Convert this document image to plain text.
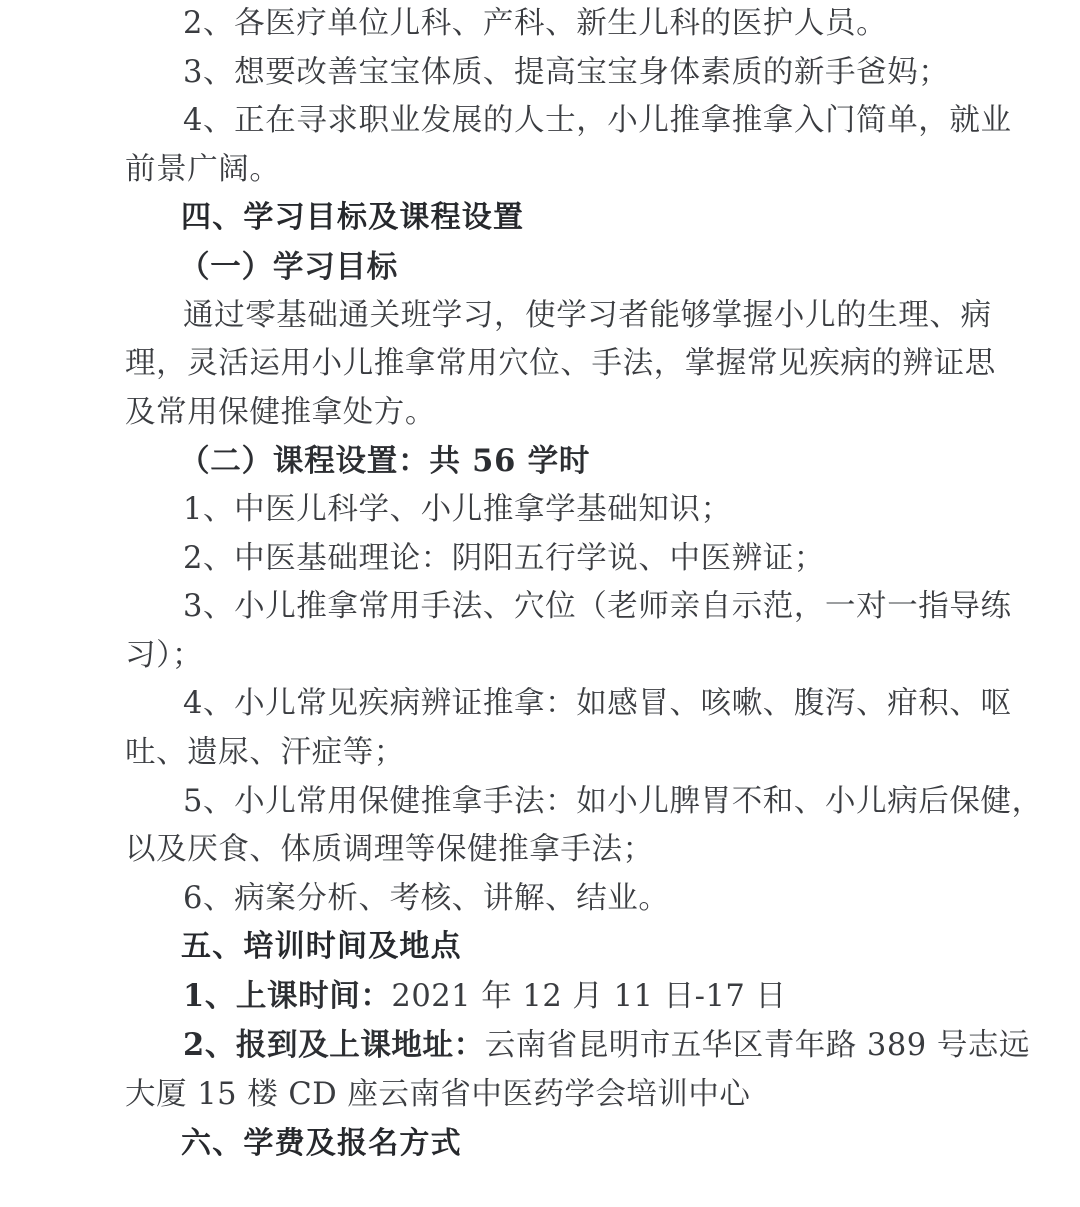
2、各医疗单位儿科、产科、新生儿科的医护人员。
3、想要改善宝宝体质、提高宝宝身体素质的新手爸妈；
4、正在寻求职业发展的人士，小儿推拿推拿入门简单，就业
前景广阔。
四、学习目标及课程设置
（一）学习目标
通过零基础通关班学习，使学习者能够掌握小儿的生理、病
理，灵活运用小儿推拿常用穴位、手法，掌握常见疾病的辨证思
及常用保健推拿处方。
（二）课程设置：共 56 学时
1、中医儿科学、小儿推拿学基础知识；
2、中医基础理论：阴阳五行学说、中医辨证；
3、小儿推拿常用手法、穴位（老师亲自示范，一对一指导练
习）；
4、小儿常见疾病辨证推拿：如感冒、咳嗽、腹泻、疳积、呕
吐、遗尿、汗症等；
5、小儿常用保健推拿手法：如小儿脾胃不和、小儿病后保健，
以及厌食、体质调理等保健推拿手法；
6、病案分析、考核、讲解、结业。
五、培训时间及地点
1、上课时间：2021 年 12 月 11 日-17 日
2、报到及上课地址：云南省昆明市五华区青年路 389 号志远
大厦 15 楼 CD 座云南省中医药学会培训中心
六、学费及报名方式
